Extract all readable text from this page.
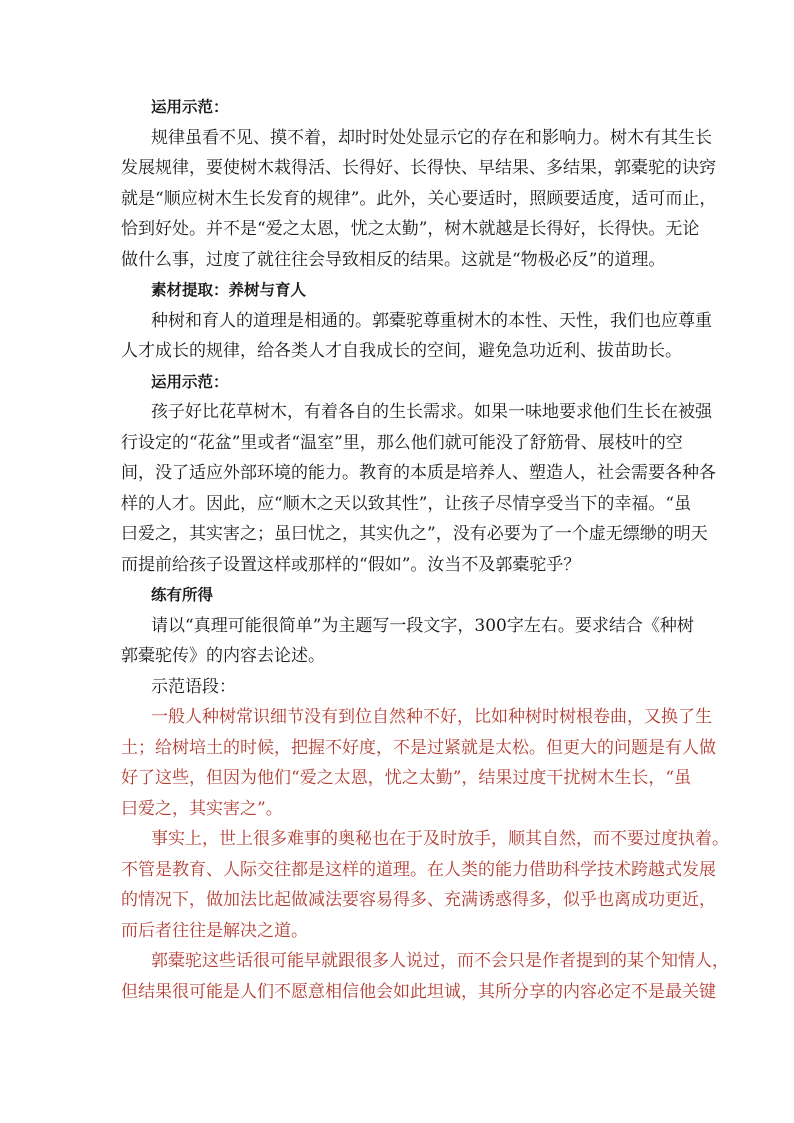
运用示范：
规律虽看不见、摸不着，却时时处处显示它的存在和影响力。树木有其生长
发展规律，要使树木栽得活、长得好、长得快、早结果、多结果，郭橐驼的诀窍
就是“顺应树木生长发育的规律”。此外，关心要适时，照顾要适度，适可而止，
恰到好处。并不是“爱之太恩，忧之太勤”，树木就越是长得好，长得快。无论
做什么事，过度了就往往会导致相反的结果。这就是“物极必反”的道理。
素材提取：养树与育人
种树和育人的道理是相通的。郭橐驼尊重树木的本性、天性，我们也应尊重
人才成长的规律，给各类人才自我成长的空间，避免急功近利、拔苗助长。
运用示范：
孩子好比花草树木，有着各自的生长需求。如果一味地要求他们生长在被强
行设定的“花盆”里或者“温室”里，那么他们就可能没了舒筋骨、展枝叶的空
间，没了适应外部环境的能力。教育的本质是培养人、塑造人，社会需要各种各
样的人才。因此，应“顺木之天以致其性”，让孩子尽情享受当下的幸福。“虽
曰爱之，其实害之；虽曰忧之，其实仇之”，没有必要为了一个虚无缥缈的明天
而提前给孩子设置这样或那样的“假如”。汝当不及郭橐驼乎？
练有所得
请以“真理可能很简单”为主题写一段文字，300字左右。要求结合《种树
郭橐驼传》的内容去论述。
示范语段：
一般人种树常识细节没有到位自然种不好，比如种树时树根卷曲，又换了生
土；给树培土的时候，把握不好度，不是过紧就是太松。但更大的问题是有人做
好了这些，但因为他们“爱之太恩，忧之太勤”，结果过度干扰树木生长，“虽
曰爱之，其实害之”。
事实上，世上很多难事的奥秘也在于及时放手，顺其自然，而不要过度执着。
不管是教育、人际交往都是这样的道理。在人类的能力借助科学技术跨越式发展
的情况下，做加法比起做减法要容易得多、充满诱惑得多，似乎也离成功更近，
而后者往往是解决之道。
郭橐驼这些话很可能早就跟很多人说过，而不会只是作者提到的某个知情人，
但结果很可能是人们不愿意相信他会如此坦诚，其所分享的内容必定不是最关键
